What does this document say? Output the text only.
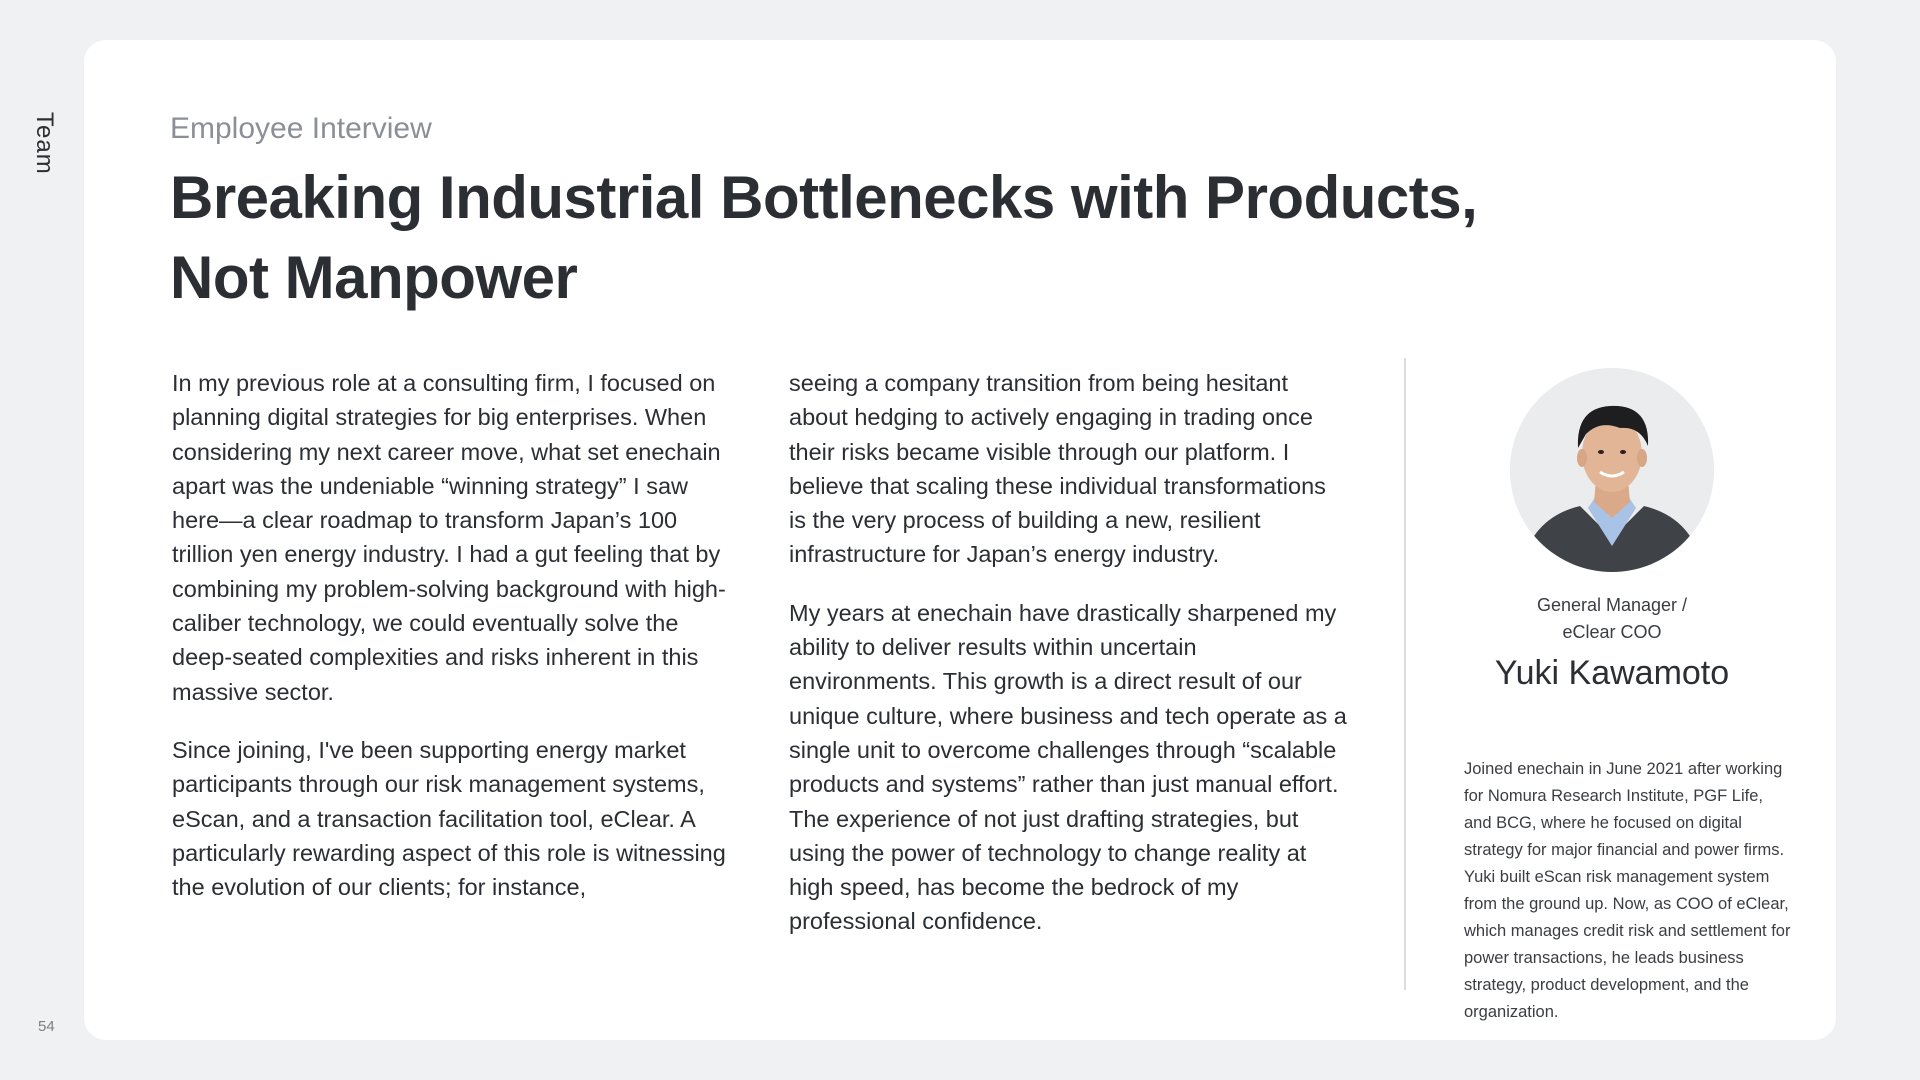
Team
54
Employee Interview
Breaking Industrial Bottlenecks with Products,
Not Manpower

In my previous role at a consulting firm, I focused on planning digital strategies for big enterprises. When considering my next career move, what set enechain apart was the undeniable “winning strategy” I saw here—a clear roadmap to transform Japan’s 100 trillion yen energy industry. I had a gut feeling that by combining my problem-solving background with high-caliber technology, we could eventually solve the deep-seated complexities and risks inherent in this massive sector.

Since joining, I've been supporting energy market participants through our risk management systems, eScan, and a transaction facilitation tool, eClear. A particularly rewarding aspect of this role is witnessing the evolution of our clients; for instance,

seeing a company transition from being hesitant about hedging to actively engaging in trading once their risks became visible through our platform. I believe that scaling these individual transformations is the very process of building a new, resilient infrastructure for Japan’s energy industry.

My years at enechain have drastically sharpened my ability to deliver results within uncertain environments. This growth is a direct result of our unique culture, where business and tech operate as a single unit to overcome challenges through “scalable products and systems” rather than just manual effort. The experience of not just drafting strategies, but using the power of technology to change reality at high speed, has become the bedrock of my professional confidence.

General Manager /
eClear COO
Yuki Kawamoto

Joined enechain in June 2021 after working for Nomura Research Institute, PGF Life, and BCG, where he focused on digital strategy for major financial and power firms. Yuki built eScan risk management system from the ground up. Now, as COO of eClear, which manages credit risk and settlement for power transactions, he leads business strategy, product development, and the organization.
